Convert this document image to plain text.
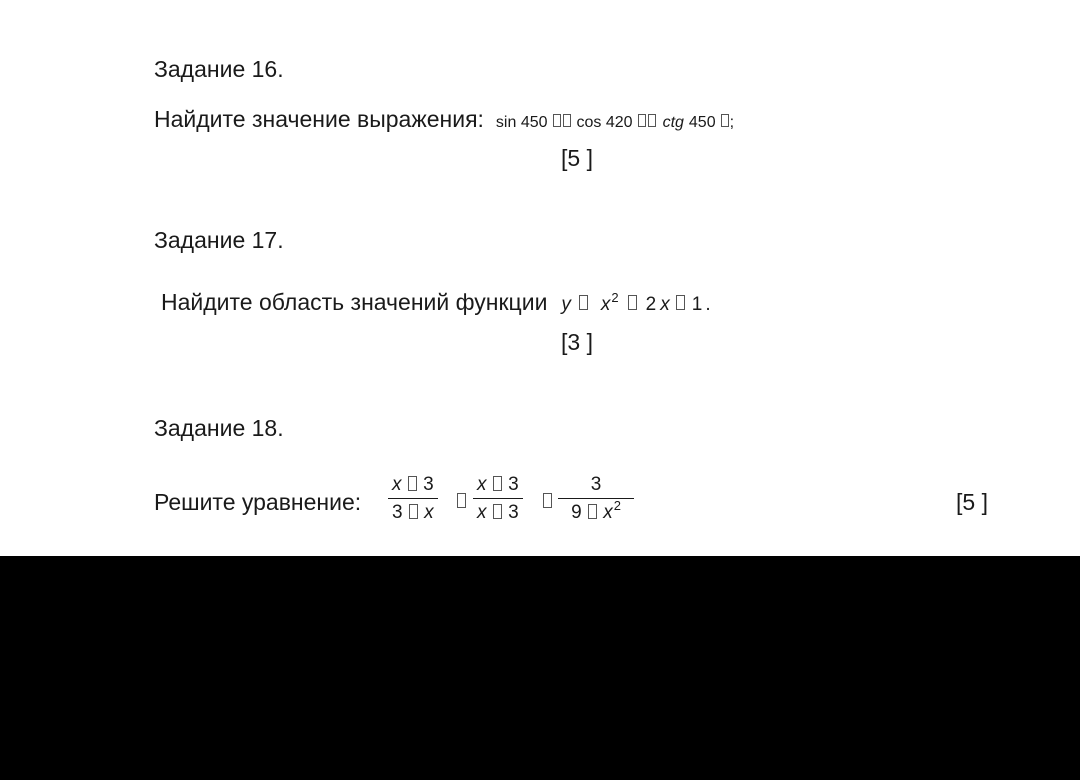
Задание 16.
Найдите значение выражения: sin 450 cos 420 ctg 450 ;
[5 ]
Задание 17.
Найдите область значений функции y $x^2$ 2 x 1 .
[3 ]
Задание 18.
Решите уравнение:
x 3
3 x
x 3
x 3
3
9 $x^2$	[5 ]
